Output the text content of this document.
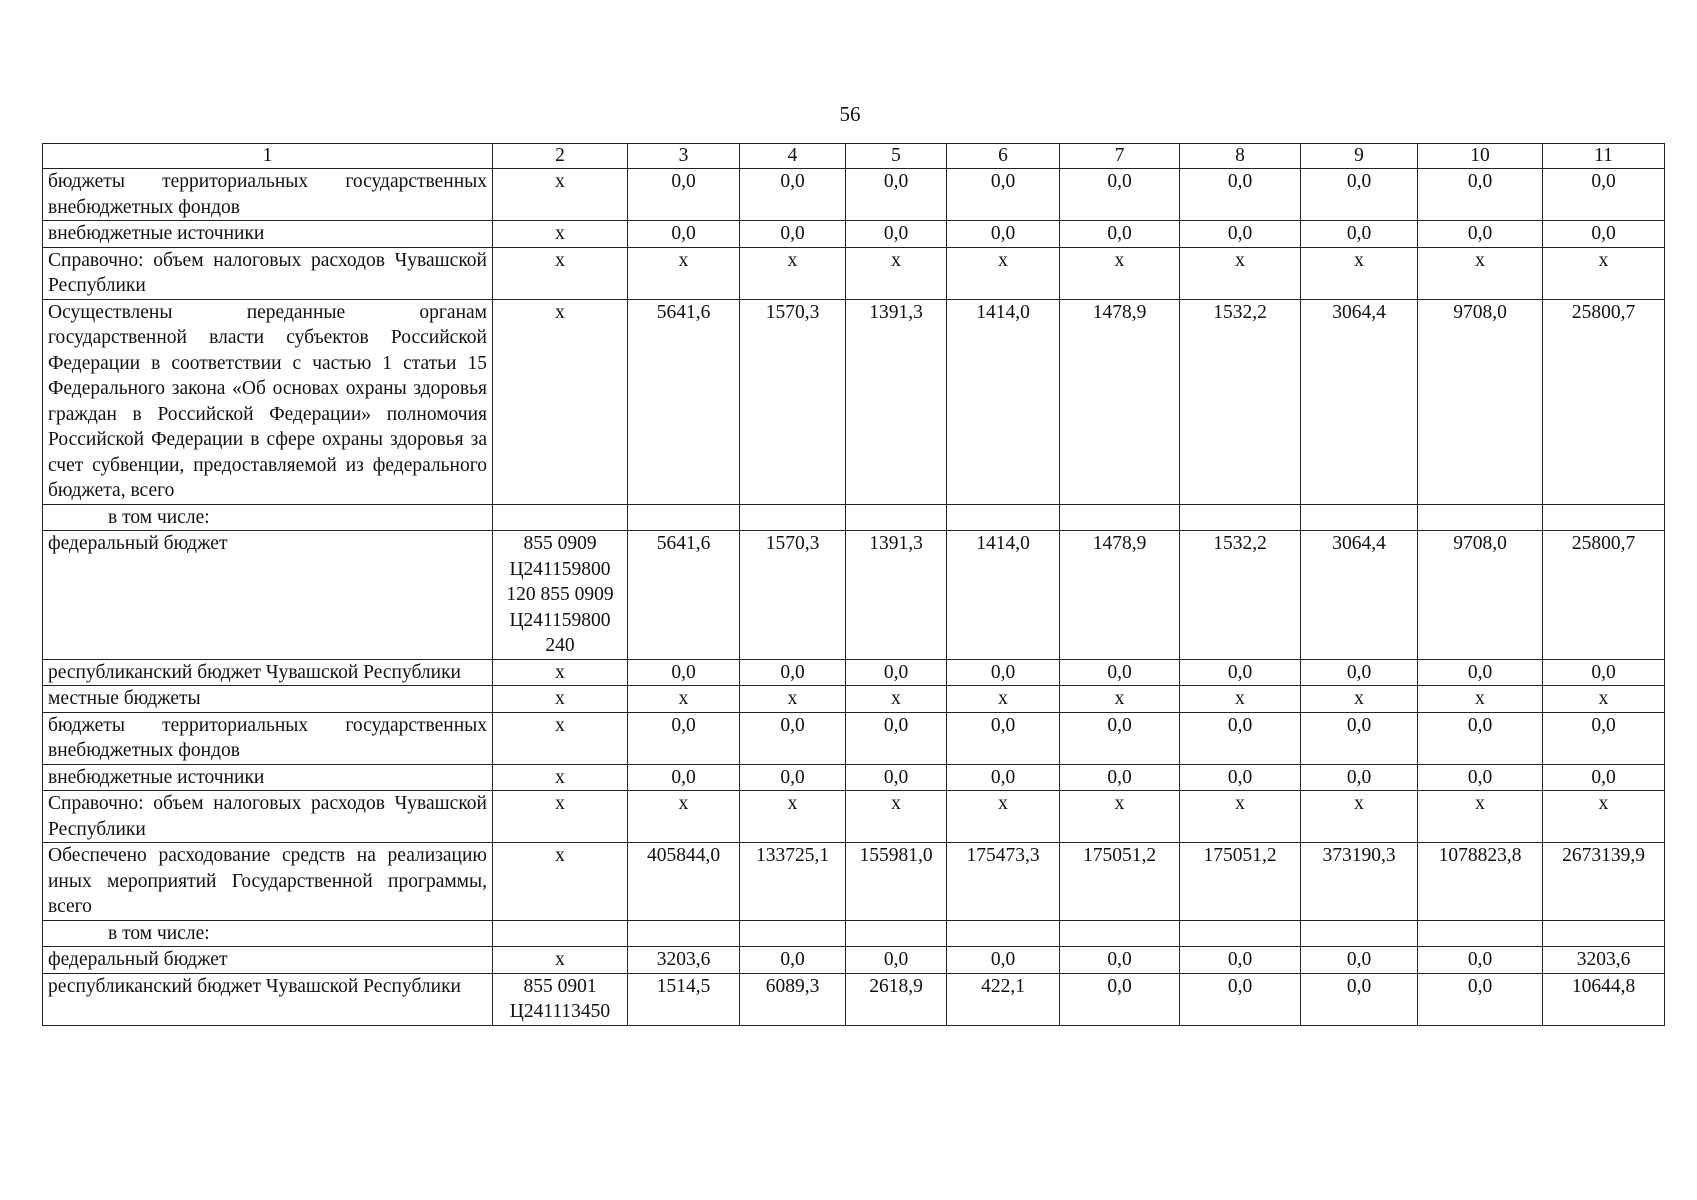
56
1	2	3	4	5	6	7	8	9	10	11
бюджеты территориальных государственных внебюджетных фондов	х	0,0	0,0	0,0	0,0	0,0	0,0	0,0	0,0	0,0
внебюджетные источники	х	0,0	0,0	0,0	0,0	0,0	0,0	0,0	0,0	0,0
Справочно: объем налоговых расходов Чувашской Республики	х	х	х	х	х	х	х	х	х	х
Осуществлены переданные органам государственной власти субъектов Российской Федерации в соответствии с частью 1 статьи 15 Федерального закона «Об основах охраны здоровья граждан в Российской Федерации» полномочия Российской Федерации в сфере охраны здоровья за счет субвенции, предоставляемой из федерального бюджета, всего	х	5641,6	1570,3	1391,3	1414,0	1478,9	1532,2	3064,4	9708,0	25800,7
в том числе:										
федеральный бюджет	855 0909 Ц241159800 120 855 0909 Ц241159800 240	5641,6	1570,3	1391,3	1414,0	1478,9	1532,2	3064,4	9708,0	25800,7
республиканский бюджет Чувашской Республики	х	0,0	0,0	0,0	0,0	0,0	0,0	0,0	0,0	0,0
местные бюджеты	х	х	х	х	х	х	х	х	х	х
бюджеты территориальных государственных внебюджетных фондов	х	0,0	0,0	0,0	0,0	0,0	0,0	0,0	0,0	0,0
внебюджетные источники	х	0,0	0,0	0,0	0,0	0,0	0,0	0,0	0,0	0,0
Справочно: объем налоговых расходов Чувашской Республики	х	х	х	х	х	х	х	х	х	х
Обеспечено расходование средств на реализацию иных мероприятий Государственной программы, всего	х	405844,0	133725,1	155981,0	175473,3	175051,2	175051,2	373190,3	1078823,8	2673139,9
в том числе:										
федеральный бюджет	х	3203,6	0,0	0,0	0,0	0,0	0,0	0,0	0,0	3203,6
республиканский бюджет Чувашской Республики	855 0901 Ц241113450	1514,5	6089,3	2618,9	422,1	0,0	0,0	0,0	0,0	10644,8
